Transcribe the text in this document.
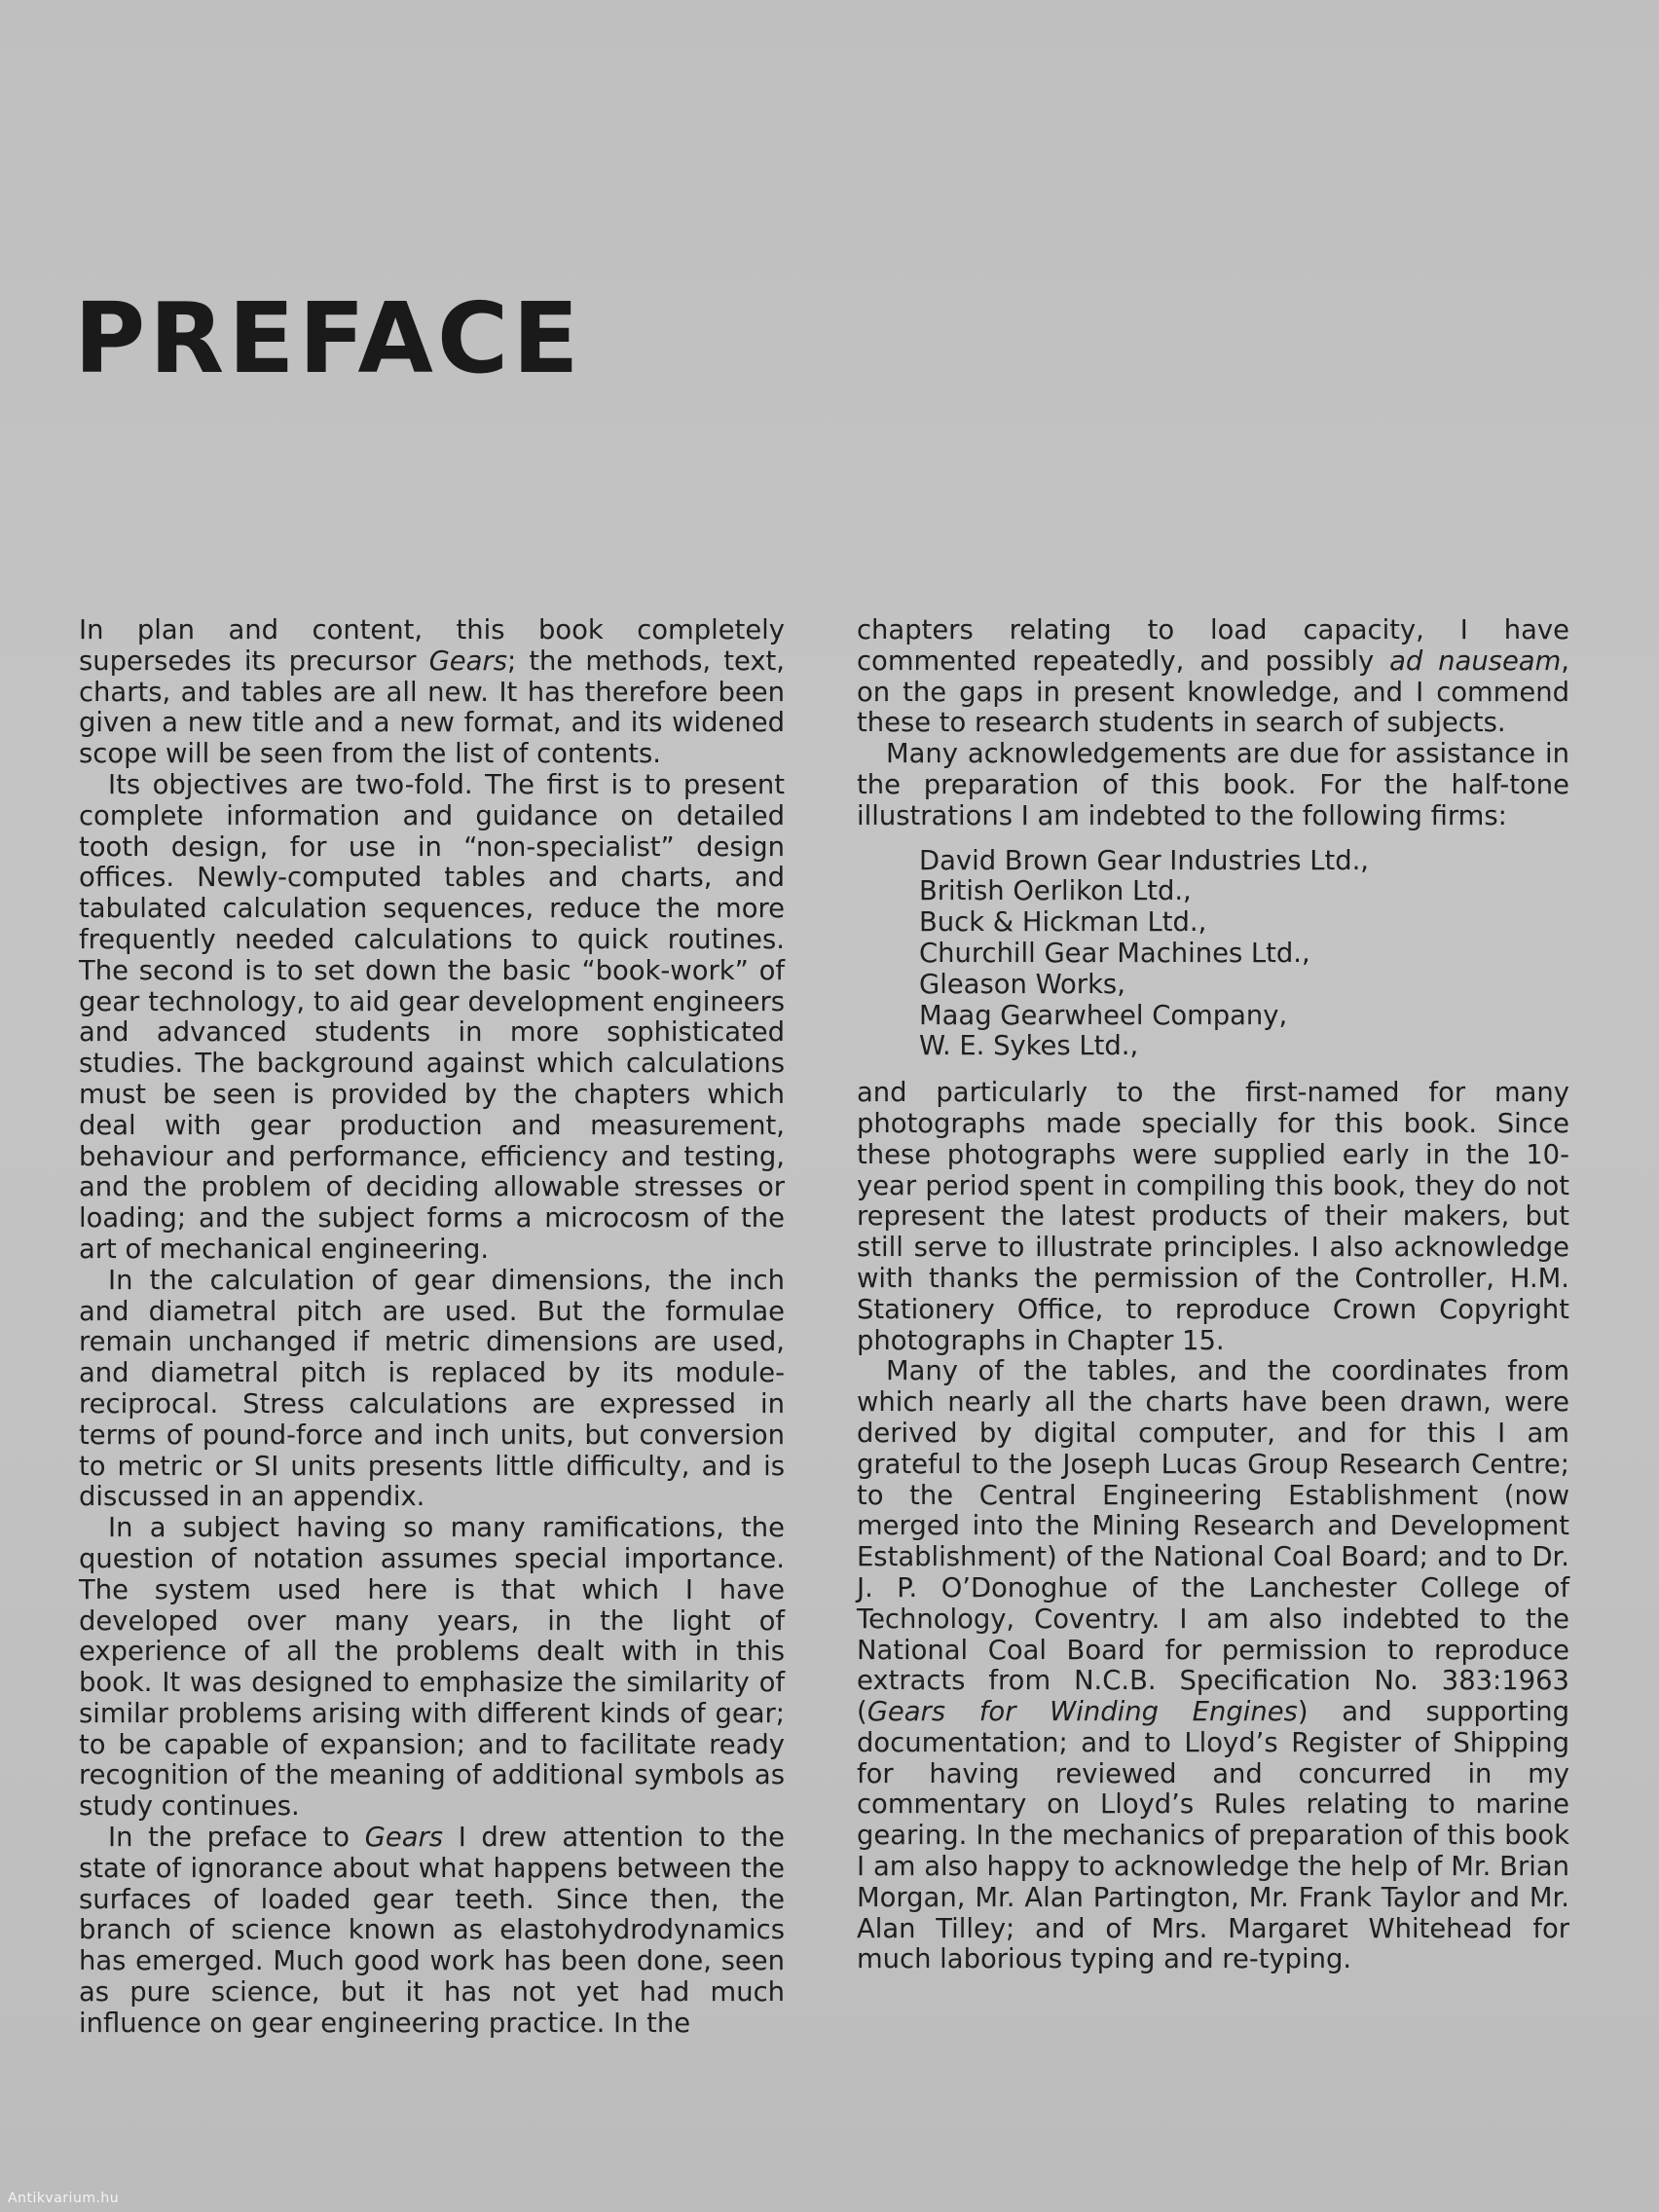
PREFACE

In plan and content, this book completely supersedes its precursor Gears; the methods, text, charts, and tables are all new. It has therefore been given a new title and a new format, and its widened scope will be seen from the list of contents.

Its objectives are two-fold. The first is to present complete information and guidance on detailed tooth design, for use in “non-specialist” design offices. Newly-computed tables and charts, and tabulated calculation sequences, reduce the more frequently needed calculations to quick routines. The second is to set down the basic “book-work” of gear technology, to aid gear development engineers and advanced students in more sophisticated studies. The background against which calculations must be seen is provided by the chapters which deal with gear production and measurement, behaviour and performance, efficiency and testing, and the problem of deciding allowable stresses or loading; and the subject forms a microcosm of the art of mechanical engineering.

In the calculation of gear dimensions, the inch and diametral pitch are used. But the formulae remain unchanged if metric dimensions are used, and diametral pitch is replaced by its module-reciprocal. Stress calculations are expressed in terms of pound-force and inch units, but conversion to metric or SI units presents little difficulty, and is discussed in an appendix.

In a subject having so many ramifications, the question of notation assumes special importance. The system used here is that which I have developed over many years, in the light of experience of all the problems dealt with in this book. It was designed to emphasize the similarity of similar problems arising with different kinds of gear; to be capable of expansion; and to facilitate ready recognition of the meaning of additional symbols as study continues.

In the preface to Gears I drew attention to the state of ignorance about what happens between the surfaces of loaded gear teeth. Since then, the branch of science known as elastohydrodynamics has emerged. Much good work has been done, seen as pure science, but it has not yet had much influence on gear engineering practice. In the

chapters relating to load capacity, I have commented repeatedly, and possibly ad nauseam, on the gaps in present knowledge, and I commend these to research students in search of subjects.

Many acknowledgements are due for assistance in the preparation of this book. For the half-tone illustrations I am indebted to the following firms:

David Brown Gear Industries Ltd.,
British Oerlikon Ltd.,
Buck & Hickman Ltd.,
Churchill Gear Machines Ltd.,
Gleason Works,
Maag Gearwheel Company,
W. E. Sykes Ltd.,

and particularly to the first-named for many photographs made specially for this book. Since these photographs were supplied early in the 10-year period spent in compiling this book, they do not represent the latest products of their makers, but still serve to illustrate principles. I also acknowledge with thanks the permission of the Controller, H.M. Stationery Office, to reproduce Crown Copyright photographs in Chapter 15.

Many of the tables, and the coordinates from which nearly all the charts have been drawn, were derived by digital computer, and for this I am grateful to the Joseph Lucas Group Research Centre; to the Central Engineering Establishment (now merged into the Mining Research and Development Establishment) of the National Coal Board; and to Dr. J. P. O’Donoghue of the Lanchester College of Technology, Coventry. I am also indebted to the National Coal Board for permission to reproduce extracts from N.C.B. Specification No. 383:1963 (Gears for Winding Engines) and supporting documentation; and to Lloyd’s Register of Shipping for having reviewed and concurred in my commentary on Lloyd’s Rules relating to marine gearing. In the mechanics of preparation of this book I am also happy to acknowledge the help of Mr. Brian Morgan, Mr. Alan Partington, Mr. Frank Taylor and Mr. Alan Tilley; and of Mrs. Margaret Whitehead for much laborious typing and re-typing.

Antikvarium.hu
